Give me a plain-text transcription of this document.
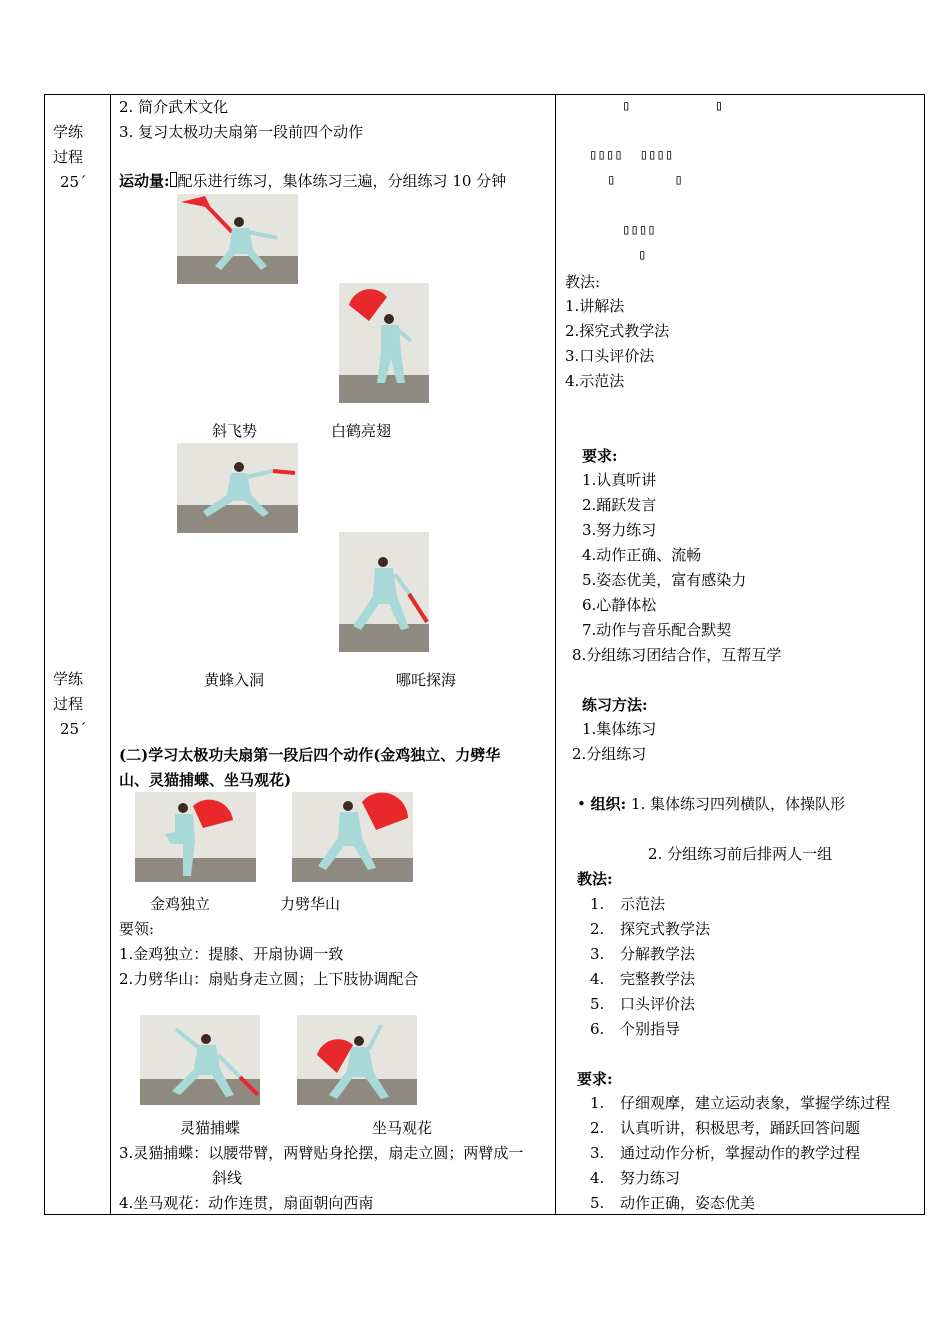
学练
过程
25´
学练
过程
25´
2. 简介武术文化
3. 复习太极功夫扇第一段前四个动作
运动量: 配乐进行练习，集体练习三遍，分组练习 10 分钟
斜飞势	白鹤亮翅
黄蜂入洞	哪吒探海
(二)学习太极功夫扇第一段后四个动作(金鸡独立、力劈华
山、灵猫捕蝶、坐马观花)
金鸡独立	力劈华山
要领:
1.金鸡独立：提膝、开扇协调一致
2.力劈华山：扇贴身走立圆；上下肢协调配合
灵猫捕蝶	坐马观花
3.灵猫捕蝶：以腰带臂，两臂贴身抡摆，扇走立圆；两臂成一
斜线
4.坐马观花：动作连贯，扇面朝向西南
▯          ▯
▯▯▯▯  ▯▯▯▯
▯       ▯
▯▯▯▯
▯
教法:
1.讲解法
2.探究式教学法
3.口头评价法
4.示范法
要求:
1.认真听讲
2.踊跃发言
3.努力练习
4.动作正确、流畅
5.姿态优美，富有感染力
6.心静体松
7.动作与音乐配合默契
8.分组练习团结合作，互帮互学
练习方法:
1.集体练习
2.分组练习
• 组织: 1. 集体练习四列横队，体操队形
2. 分组练习前后排两人一组
教法:
1. 示范法
2. 探究式教学法
3. 分解教学法
4. 完整教学法
5. 口头评价法
6. 个别指导
要求:
1. 仔细观摩，建立运动表象，掌握学练过程
2. 认真听讲，积极思考，踊跃回答问题
3. 通过动作分析，掌握动作的教学过程
4. 努力练习
5. 动作正确，姿态优美
